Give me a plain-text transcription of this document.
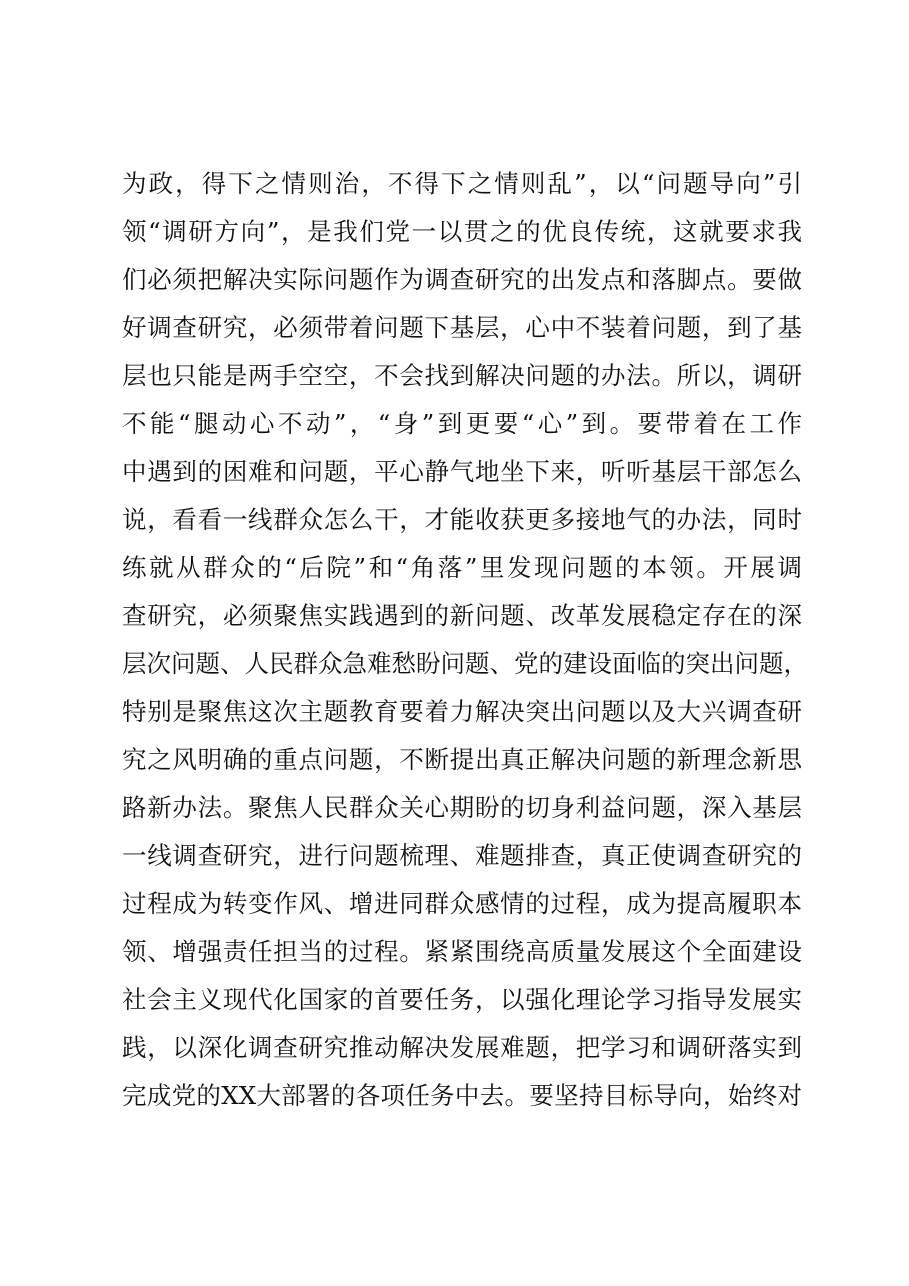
为政，得下之情则治，不得下之情则乱”，以“问题导向”引
领“调研方向”，是我们党一以贯之的优良传统，这就要求我
们必须把解决实际问题作为调查研究的出发点和落脚点。要做
好调查研究，必须带着问题下基层，心中不装着问题，到了基
层也只能是两手空空，不会找到解决问题的办法。所以，调研
不能“腿动心不动”，“身”到更要“心”到。要带着在工作
中遇到的困难和问题，平心静气地坐下来，听听基层干部怎么
说，看看一线群众怎么干，才能收获更多接地气的办法，同时
练就从群众的“后院”和“角落”里发现问题的本领。开展调
查研究，必须聚焦实践遇到的新问题、改革发展稳定存在的深
层次问题、人民群众急难愁盼问题、党的建设面临的突出问题，
特别是聚焦这次主题教育要着力解决突出问题以及大兴调查研
究之风明确的重点问题，不断提出真正解决问题的新理念新思
路新办法。聚焦人民群众关心期盼的切身利益问题，深入基层
一线调查研究，进行问题梳理、难题排查，真正使调查研究的
过程成为转变作风、增进同群众感情的过程，成为提高履职本
领、增强责任担当的过程。紧紧围绕高质量发展这个全面建设
社会主义现代化国家的首要任务，以强化理论学习指导发展实
践，以深化调查研究推动解决发展难题，把学习和调研落实到
完成党的XX大部署的各项任务中去。要坚持目标导向，始终对
